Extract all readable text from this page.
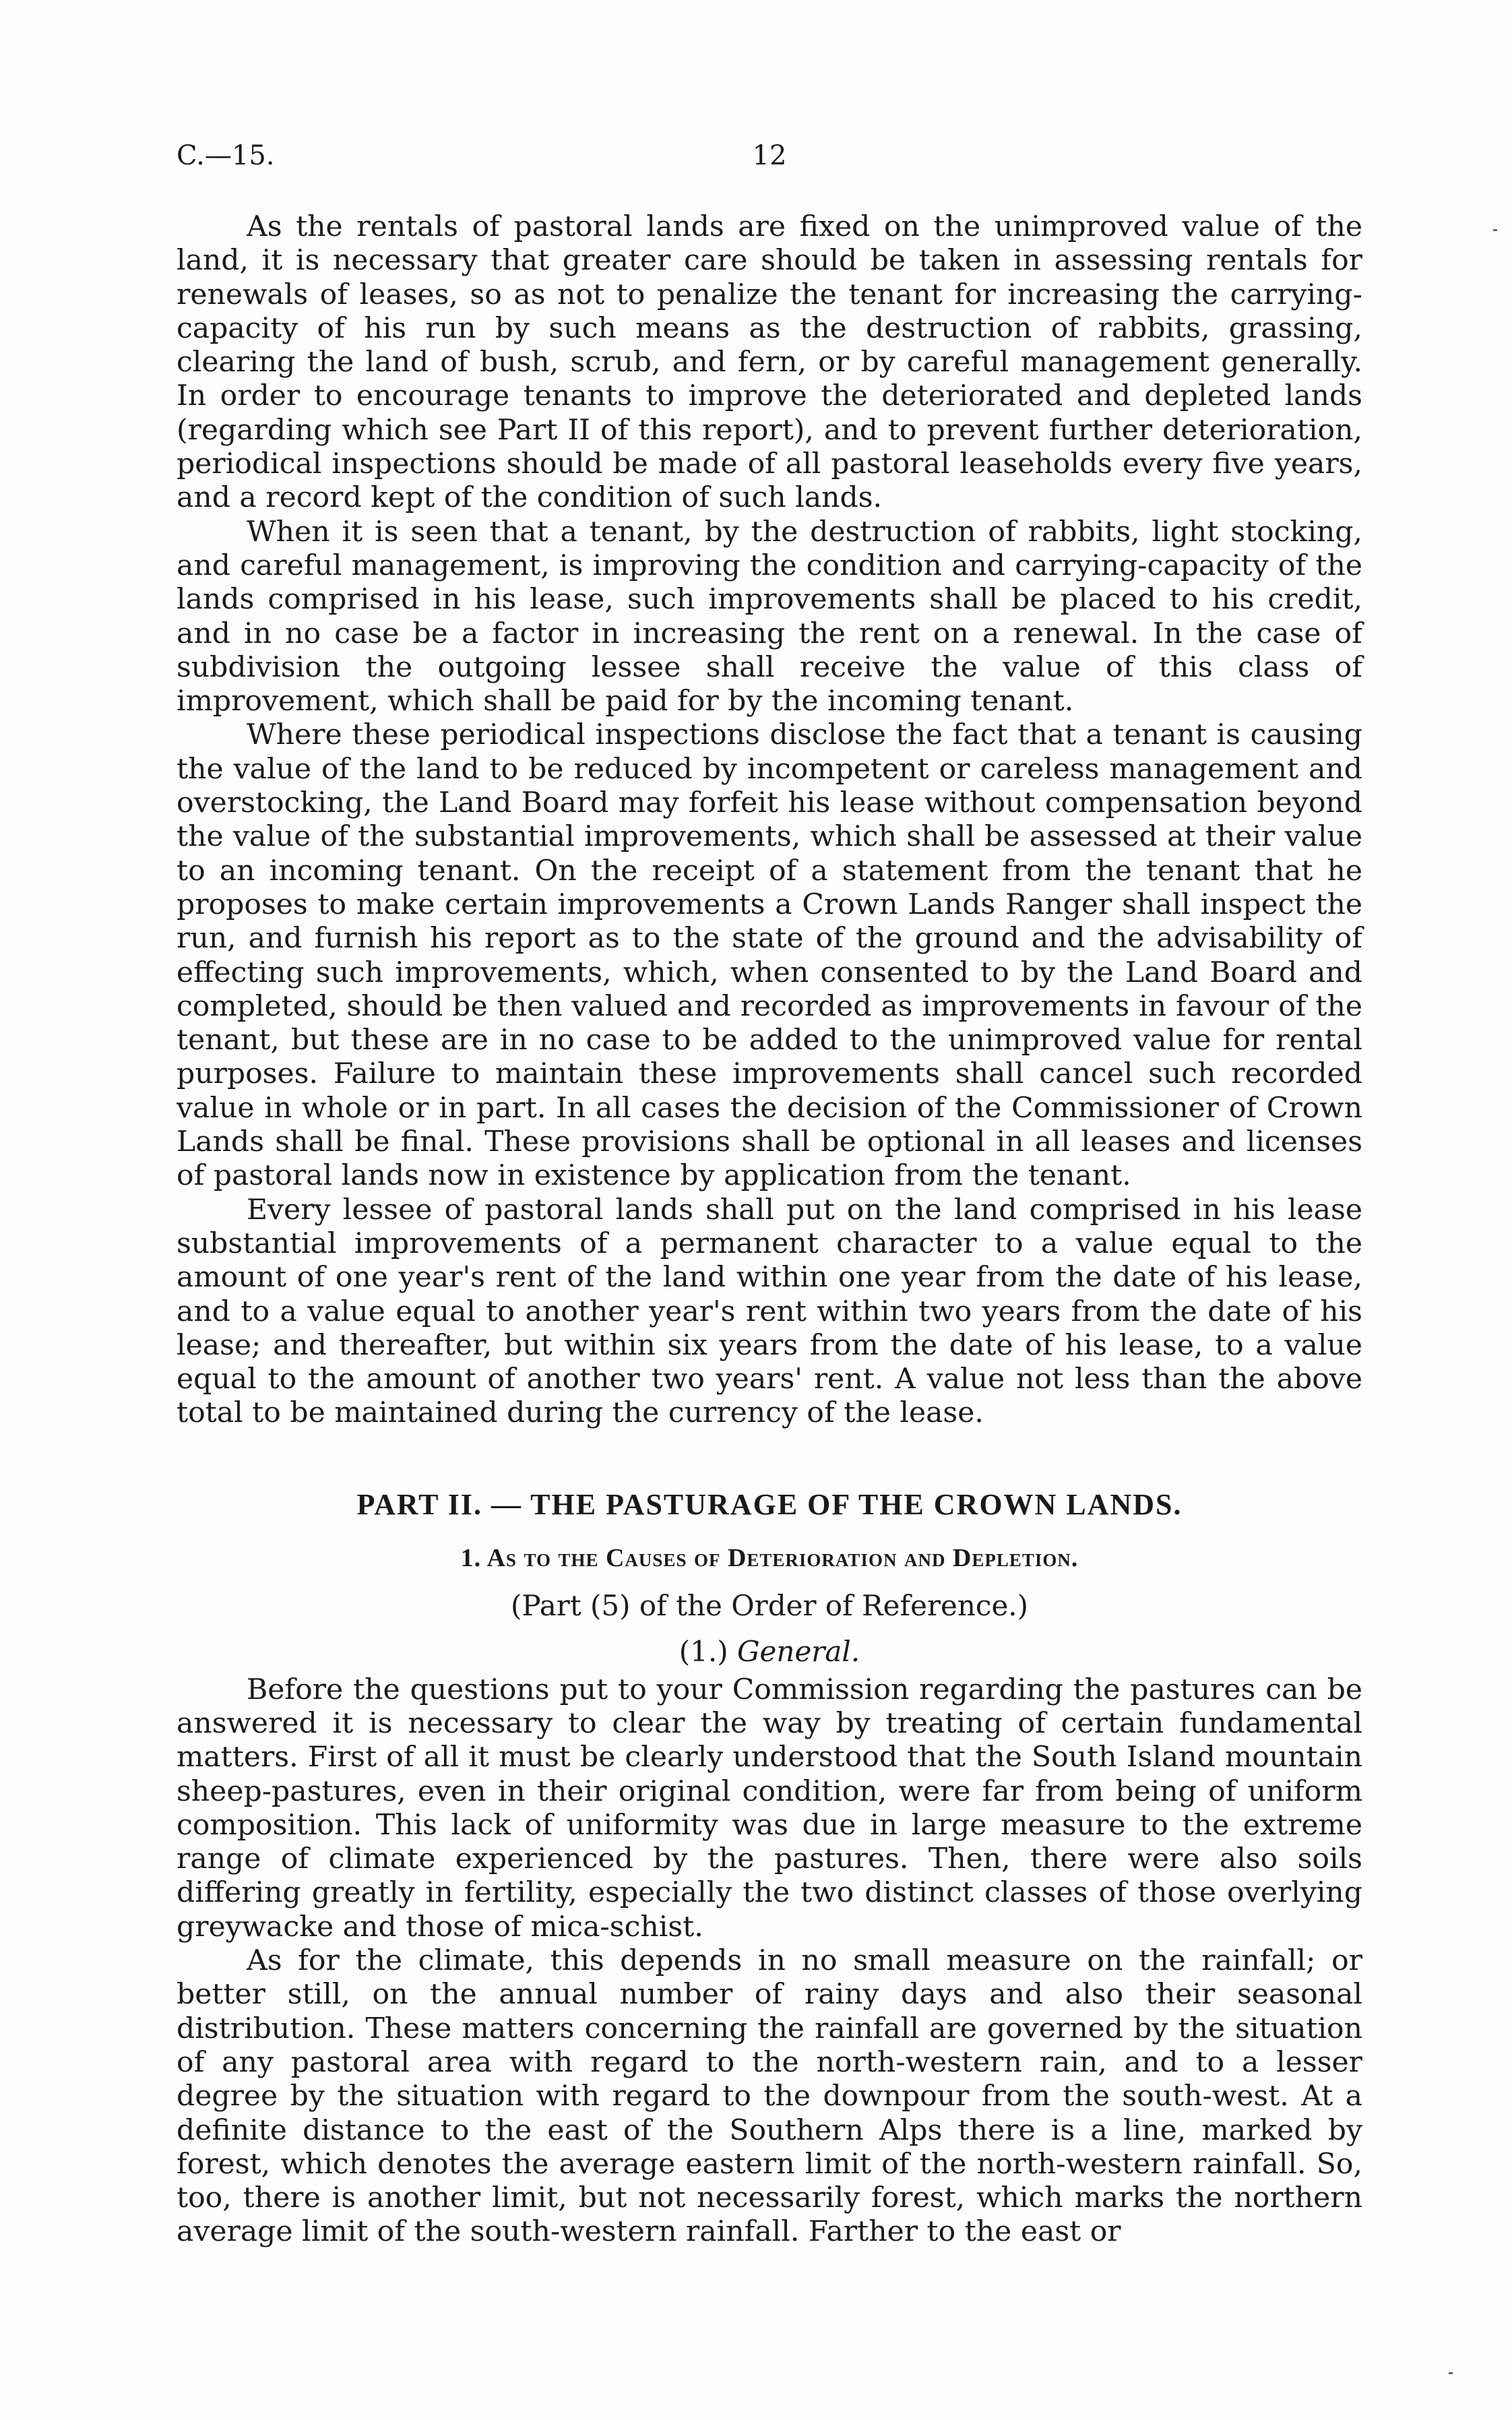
C.—15.	12

As the rentals of pastoral lands are fixed on the unimproved value of the land, it is necessary that greater care should be taken in assessing rentals for renewals of leases, so as not to penalize the tenant for increasing the carrying-capacity of his run by such means as the destruction of rabbits, grassing, clearing the land of bush, scrub, and fern, or by careful management generally. In order to encourage tenants to improve the deteriorated and depleted lands (regarding which see Part II of this report), and to prevent further deterioration, periodical inspections should be made of all pastoral leaseholds every five years, and a record kept of the condition of such lands.

When it is seen that a tenant, by the destruction of rabbits, light stocking, and careful management, is improving the condition and carrying-capacity of the lands comprised in his lease, such improvements shall be placed to his credit, and in no case be a factor in increasing the rent on a renewal. In the case of subdivision the outgoing lessee shall receive the value of this class of improvement, which shall be paid for by the incoming tenant.

Where these periodical inspections disclose the fact that a tenant is causing the value of the land to be reduced by incompetent or careless management and overstocking, the Land Board may forfeit his lease without compensation beyond the value of the substantial improvements, which shall be assessed at their value to an incoming tenant. On the receipt of a statement from the tenant that he proposes to make certain improvements a Crown Lands Ranger shall inspect the run, and furnish his report as to the state of the ground and the advisability of effecting such improvements, which, when consented to by the Land Board and completed, should be then valued and recorded as improvements in favour of the tenant, but these are in no case to be added to the unimproved value for rental purposes. Failure to maintain these improvements shall cancel such recorded value in whole or in part. In all cases the decision of the Commissioner of Crown Lands shall be final. These provisions shall be optional in all leases and licenses of pastoral lands now in existence by application from the tenant.

Every lessee of pastoral lands shall put on the land comprised in his lease substantial improvements of a permanent character to a value equal to the amount of one year's rent of the land within one year from the date of his lease, and to a value equal to another year's rent within two years from the date of his lease; and thereafter, but within six years from the date of his lease, to a value equal to the amount of another two years' rent. A value not less than the above total to be maintained during the currency of the lease.

PART II. — THE PASTURAGE OF THE CROWN LANDS.
1. As to the Causes of Deterioration and Depletion.

(Part (5) of the Order of Reference.)

(1.) General.

Before the questions put to your Commission regarding the pastures can be answered it is necessary to clear the way by treating of certain fundamental matters. First of all it must be clearly understood that the South Island mountain sheep-pastures, even in their original condition, were far from being of uniform composition. This lack of uniformity was due in large measure to the extreme range of climate experienced by the pastures. Then, there were also soils differing greatly in fertility, especially the two distinct classes of those overlying greywacke and those of mica-schist.

As for the climate, this depends in no small measure on the rainfall; or better still, on the annual number of rainy days and also their seasonal distribution. These matters concerning the rainfall are governed by the situation of any pastoral area with regard to the north-western rain, and to a lesser degree by the situation with regard to the downpour from the south-west. At a definite distance to the east of the Southern Alps there is a line, marked by forest, which denotes the average eastern limit of the north-western rainfall. So, too, there is another limit, but not necessarily forest, which marks the northern average limit of the south-western rainfall. Farther to the east or
